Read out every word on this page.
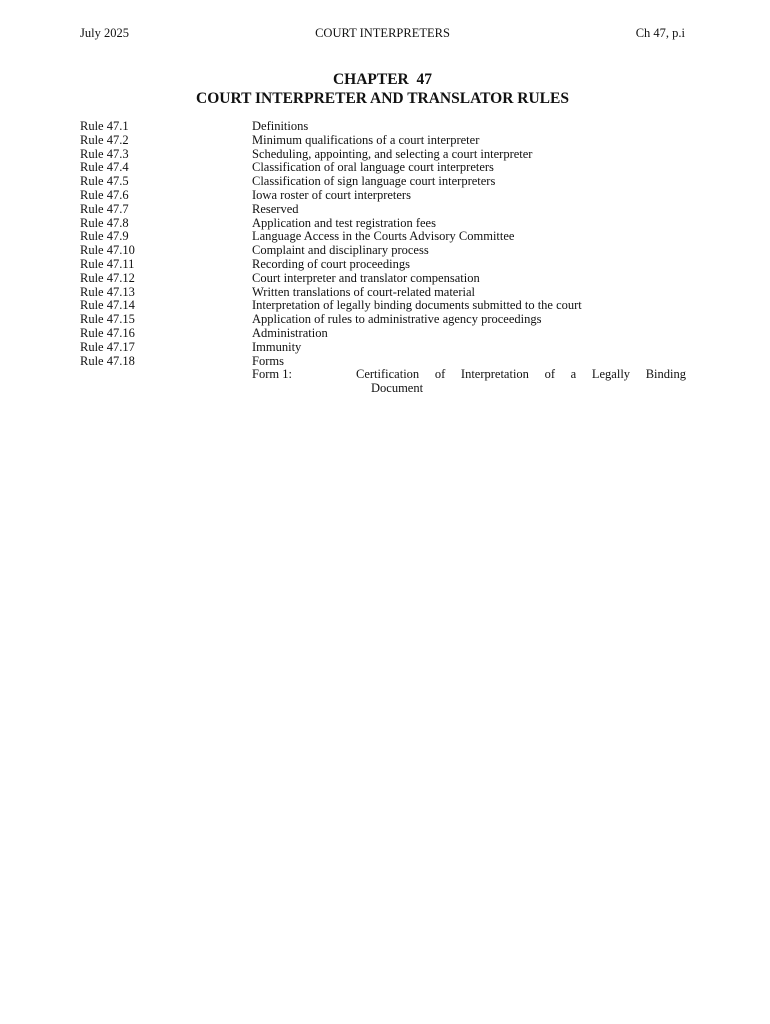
July 2025	COURT INTERPRETERS	Ch 47, p.i
CHAPTER  47
COURT INTERPRETER AND TRANSLATOR RULES
Rule 47.1	Definitions
Rule 47.2	Minimum qualifications of a court interpreter
Rule 47.3	Scheduling, appointing, and selecting a court interpreter
Rule 47.4	Classification of oral language court interpreters
Rule 47.5	Classification of sign language court interpreters
Rule 47.6	Iowa roster of court interpreters
Rule 47.7	Reserved
Rule 47.8	Application and test registration fees
Rule 47.9	Language Access in the Courts Advisory Committee
Rule 47.10	Complaint and disciplinary process
Rule 47.11	Recording of court proceedings
Rule 47.12	Court interpreter and translator compensation
Rule 47.13	Written translations of court-related material
Rule 47.14	Interpretation of legally binding documents submitted to the court
Rule 47.15	Application of rules to administrative agency proceedings
Rule 47.16	Administration
Rule 47.17	Immunity
Rule 47.18	Forms
Form 1:	Certification of Interpretation of a Legally Binding
Document
